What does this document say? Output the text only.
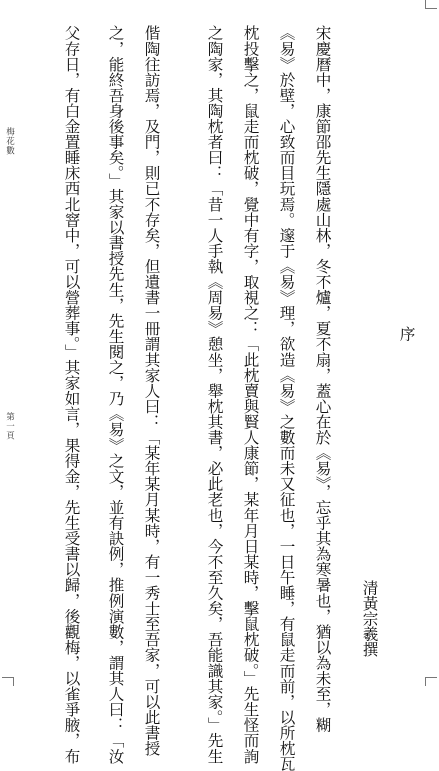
序
清黃宗羲撰
宋慶曆中，康節邵先生隱處山林，冬不爐，夏不扇，蓋心在於《易》，忘乎其為寒暑也，猶以為未至，糊
《易》於壁，心致而目玩焉。邃于《易》理，欲造《易》之數而未又征也，一日午睡，有鼠走而前，以所枕瓦
枕投擊之，鼠走而枕破，覺中有字，取視之：「此枕賣與賢人康節，某年月日某時，擊鼠枕破。」先生怪而詢
之陶家，其陶枕者曰：「昔一人手執《周易》憩坐，舉枕其書，必此老也，今不至久矣，吾能識其家。」先生
偕陶往訪焉，及門，則已不存矣，但遺書一冊謂其家人曰：「某年某月某時，有一秀士至吾家，可以此書授
之，能終吾身後事矣。」其家以書授先生，先生閱之，乃《易》之文，並有訣例，推例演數，謂其人曰：「汝
父存日，有白金置睡床西北窨中，可以營葬事。」其家如言，果得金，先生受書以歸，後觀梅，以雀爭腋，布
梅花數
第一頁
